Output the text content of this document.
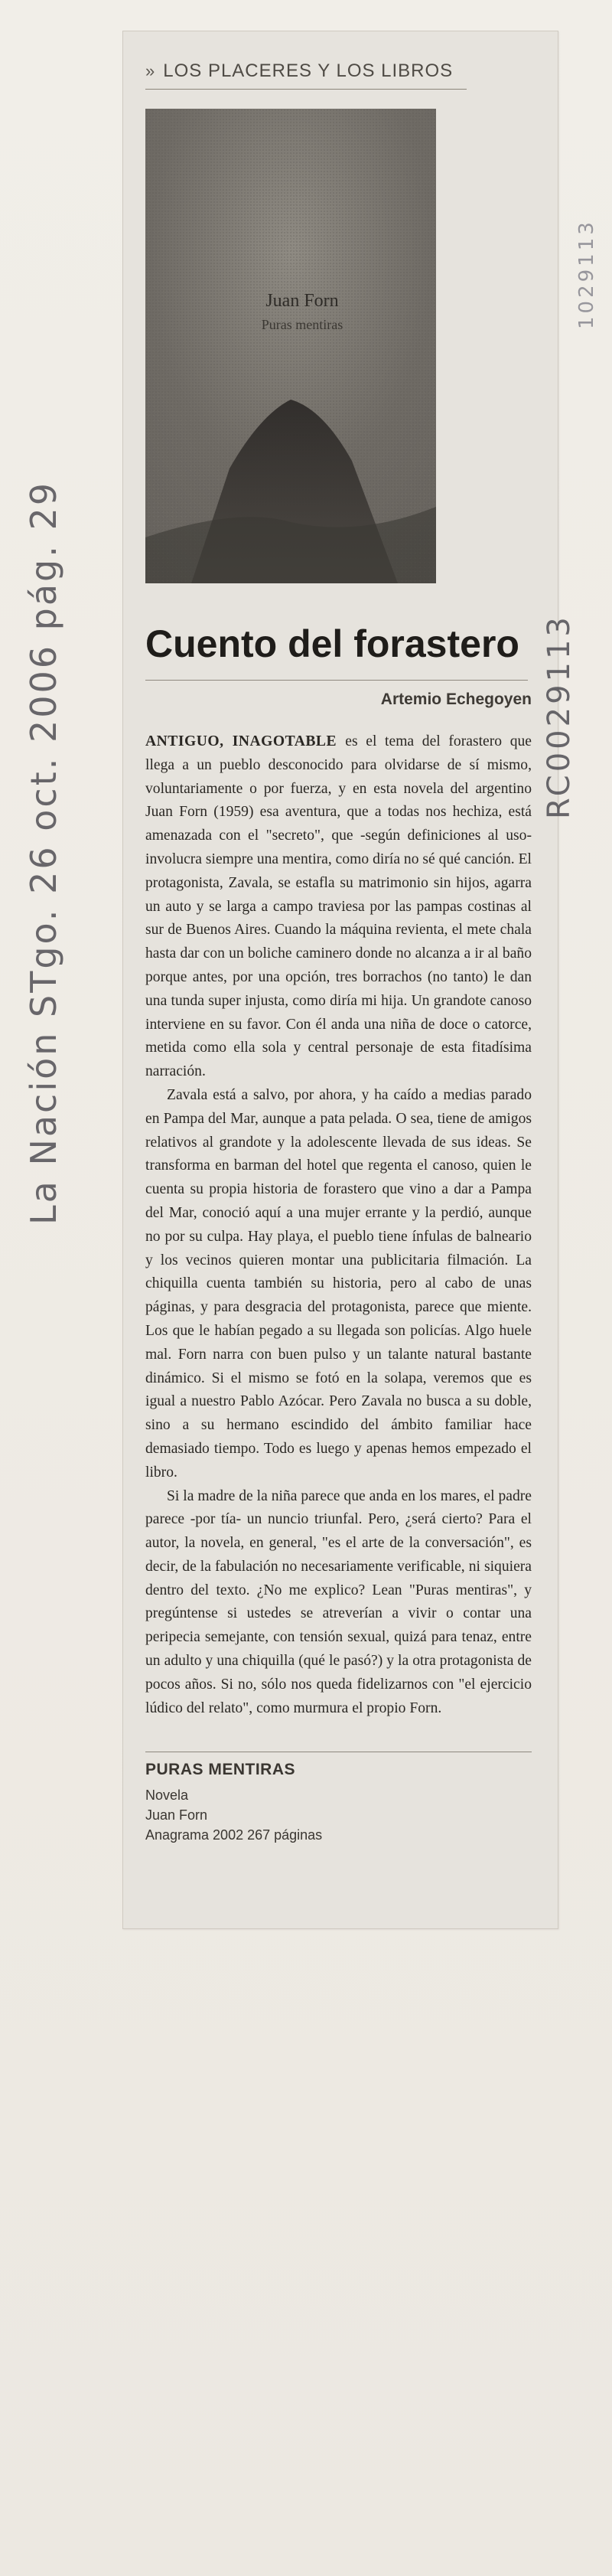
» LOS PLACERES Y LOS LIBROS
Juan Forn
Puras mentiras
Cuento del forastero
Artemio Echegoyen

ANTIGUO, INAGOTABLE es el tema del forastero que llega a un pueblo desconocido para olvidarse de sí mismo, voluntariamente o por fuerza, y en esta novela del argentino Juan Forn (1959) esa aventura, que a todas nos hechiza, está amenazada con el "secreto", que -según definiciones al uso- involucra siempre una mentira, como diría no sé qué canción. El protagonista, Zavala, se estafla su matrimonio sin hijos, agarra un auto y se larga a campo traviesa por las pampas costinas al sur de Buenos Aires. Cuando la máquina revienta, el mete chala hasta dar con un boliche caminero donde no alcanza a ir al baño porque antes, por una opción, tres borrachos (no tanto) le dan una tunda super injusta, como diría mi hija. Un grandote canoso interviene en su favor. Con él anda una niña de doce o catorce, metida como ella sola y central personaje de esta fitadísima narración.

Zavala está a salvo, por ahora, y ha caído a medias parado en Pampa del Mar, aunque a pata pelada. O sea, tiene de amigos relativos al grandote y la adolescente llevada de sus ideas. Se transforma en barman del hotel que regenta el canoso, quien le cuenta su propia historia de forastero que vino a dar a Pampa del Mar, conoció aquí a una mujer errante y la perdió, aunque no por su culpa. Hay playa, el pueblo tiene ínfulas de balneario y los vecinos quieren montar una publicitaria filmación. La chiquilla cuenta también su historia, pero al cabo de unas páginas, y para desgracia del protagonista, parece que miente. Los que le habían pegado a su llegada son policías. Algo huele mal. Forn narra con buen pulso y un talante natural bastante dinámico. Si el mismo se fotó en la solapa, veremos que es igual a nuestro Pablo Azócar. Pero Zavala no busca a su doble, sino a su hermano escindido del ámbito familiar hace demasiado tiempo. Todo es luego y apenas hemos empezado el libro.

Si la madre de la niña parece que anda en los mares, el padre parece -por tía- un nuncio triunfal. Pero, ¿será cierto? Para el autor, la novela, en general, "es el arte de la conversación", es decir, de la fabulación no necesariamente verificable, ni siquiera dentro del texto. ¿No me explico? Lean "Puras mentiras", y pregúntense si ustedes se atreverían a vivir o contar una peripecia semejante, con tensión sexual, quizá para tenaz, entre un adulto y una chiquilla (qué le pasó?) y la otra protagonista de pocos años. Si no, sólo nos queda fidelizarnos con "el ejercicio lúdico del relato", como murmura el propio Forn.

PURAS MENTIRAS
Novela
Juan Forn
Anagrama 2002 267 páginas
La Nación STgo. 26 oct. 2006 pág. 29	RC0029113
1029113
